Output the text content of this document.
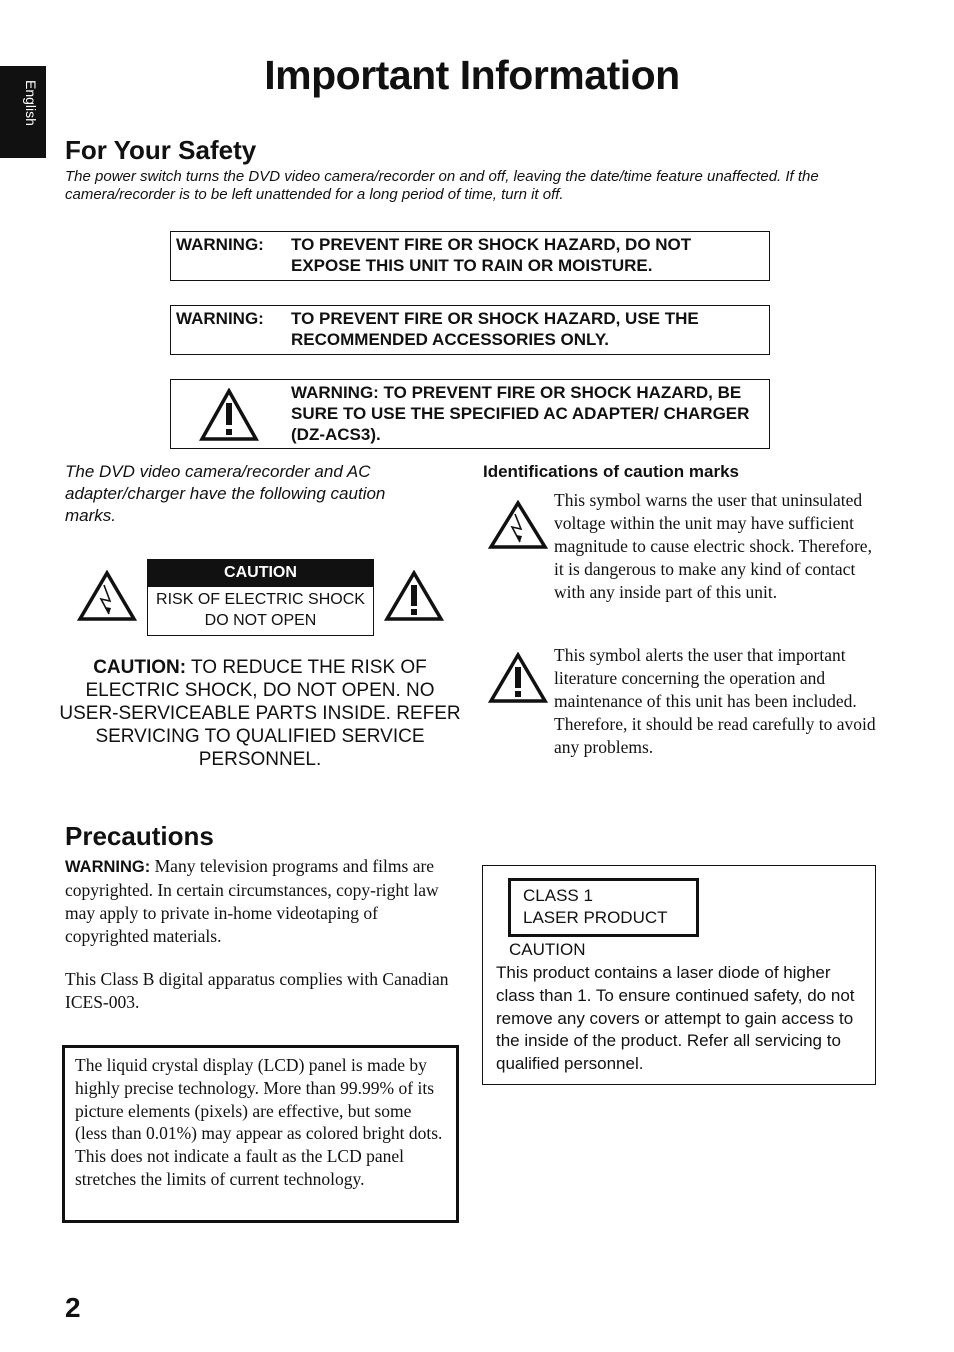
English
Important Information
For Your Safety

The power switch turns the DVD video camera/recorder on and off, leaving the date/time feature unaffected. If the camera/recorder is to be left unattended for a long period of time, turn it off.

WARNING: TO PREVENT FIRE OR SHOCK HAZARD, DO NOT EXPOSE THIS UNIT TO RAIN OR MOISTURE.
WARNING: TO PREVENT FIRE OR SHOCK HAZARD, USE THE RECOMMENDED ACCESSORIES ONLY.
WARNING: TO PREVENT FIRE OR SHOCK HAZARD, BE SURE TO USE THE SPECIFIED AC ADAPTER/ CHARGER (DZ-ACS3).

The DVD video camera/recorder and AC adapter/charger have the following caution marks.

CAUTION
RISK OF ELECTRIC SHOCK
DO NOT OPEN

CAUTION: TO REDUCE THE RISK OF ELECTRIC SHOCK, DO NOT OPEN. NO USER-SERVICEABLE PARTS INSIDE. REFER SERVICING TO QUALIFIED SERVICE PERSONNEL.

Identifications of caution marks

This symbol warns the user that uninsulated voltage within the unit may have sufficient magnitude to cause electric shock. Therefore, it is dangerous to make any kind of contact with any inside part of this unit.

This symbol alerts the user that important literature concerning the operation and maintenance of this unit has been included. Therefore, it should be read carefully to avoid any problems.

Precautions

WARNING: Many television programs and films are copyrighted. In certain circumstances, copy-right law may apply to private in-home videotaping of copyrighted materials.

This Class B digital apparatus complies with Canadian ICES-003.

The liquid crystal display (LCD) panel is made by highly precise technology. More than 99.99% of its picture elements (pixels) are effective, but some (less than 0.01%) may appear as colored bright dots. This does not indicate a fault as the LCD panel stretches the limits of current technology.
CLASS 1
LASER PRODUCT
CAUTION

This product contains a laser diode of higher class than 1. To ensure continued safety, do not remove any covers or attempt to gain access to the inside of the product. Refer all servicing to qualified personnel.

2
